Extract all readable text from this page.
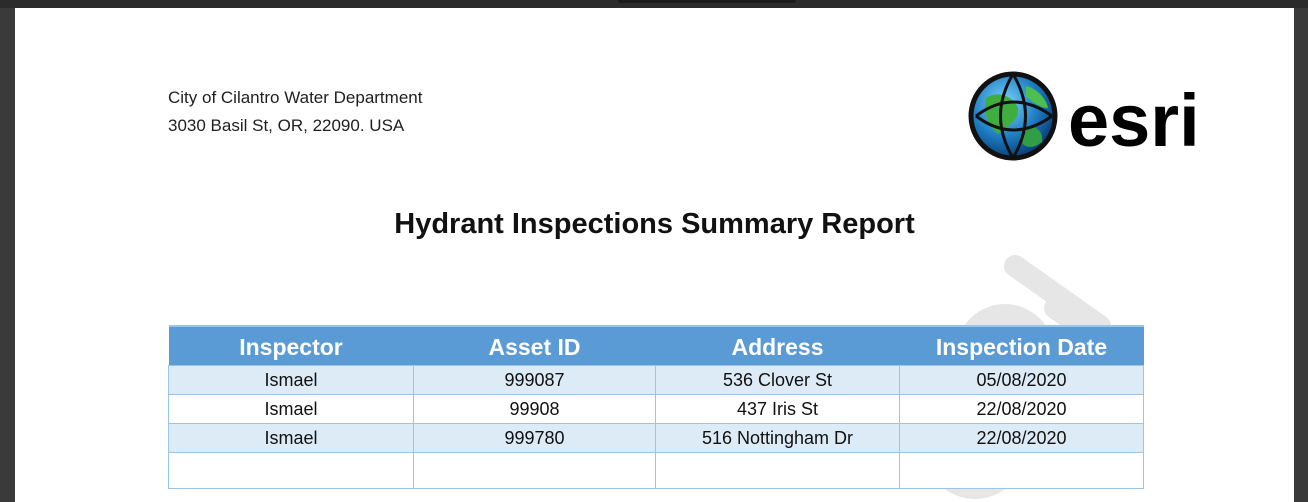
City of Cilantro Water Department
3030 Basil St, OR, 22090. USA	esri
Hydrant Inspections Summary Report
Inspector	Asset ID	Address	Inspection Date
Ismael	999087	536 Clover St	05/08/2020
Ismael	99908	437 Iris St	22/08/2020
Ismael	999780	516 Nottingham Dr	22/08/2020
